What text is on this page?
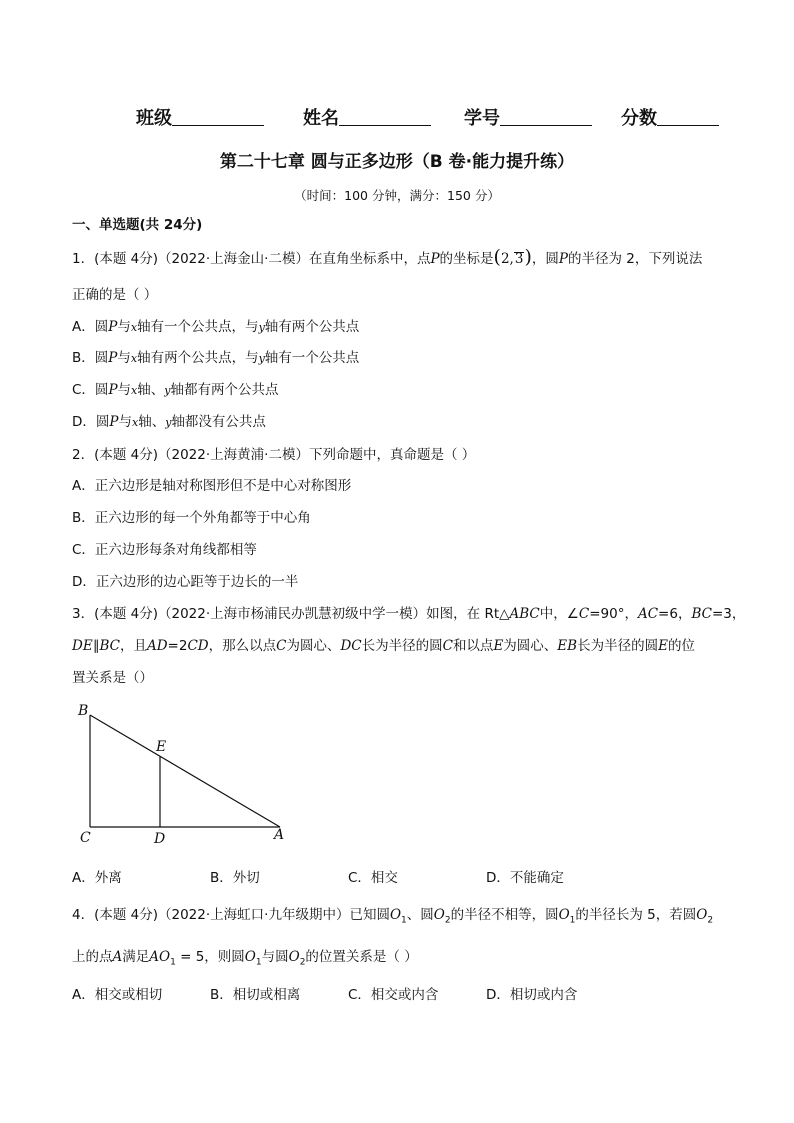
班级	姓名	学号	分数
第二十七章 圆与正多边形（B 卷·能力提升练）
（时间：100 分钟，满分：150 分）
一、单选题(共 24分)
1．(本题 4分)（2022·上海金山·二模）在直角坐标系中，点P的坐标是(2,3)，圆P的半径为 2，下列说法
正确的是（ ）
A．圆P与x轴有一个公共点，与y轴有两个公共点
B．圆P与x轴有两个公共点，与y轴有一个公共点
C．圆P与x轴、y轴都有两个公共点
D．圆P与x轴、y轴都没有公共点
2．(本题 4分)（2022·上海黄浦·二模）下列命题中，真命题是（ ）
A．正六边形是轴对称图形但不是中心对称图形
B．正六边形的每一个外角都等于中心角
C．正六边形每条对角线都相等
D．正六边形的边心距等于边长的一半
3．(本题 4分)（2022·上海市杨浦民办凯慧初级中学一模）如图，在 Rt△ABC中，∠C=90°，AC=6，BC=3，
DE∥BC，且AD=2CD，那么以点C为圆心、DC长为半径的圆C和以点E为圆心、EB长为半径的圆E的位
置关系是（）
B
E
C	D	A
A．外离	B．外切	C．相交	D．不能确定
4．(本题 4分)（2022·上海虹口·九年级期中）已知圆$O_1$、圆$O_2$的半径不相等，圆$O_1$的半径长为 5，若圆$O_2$
上的点A满足$AO_1 = 5$，则圆$O_1$与圆$O_2$的位置关系是（ ）
A．相交或相切	B．相切或相离	C．相交或内含	D．相切或内含
